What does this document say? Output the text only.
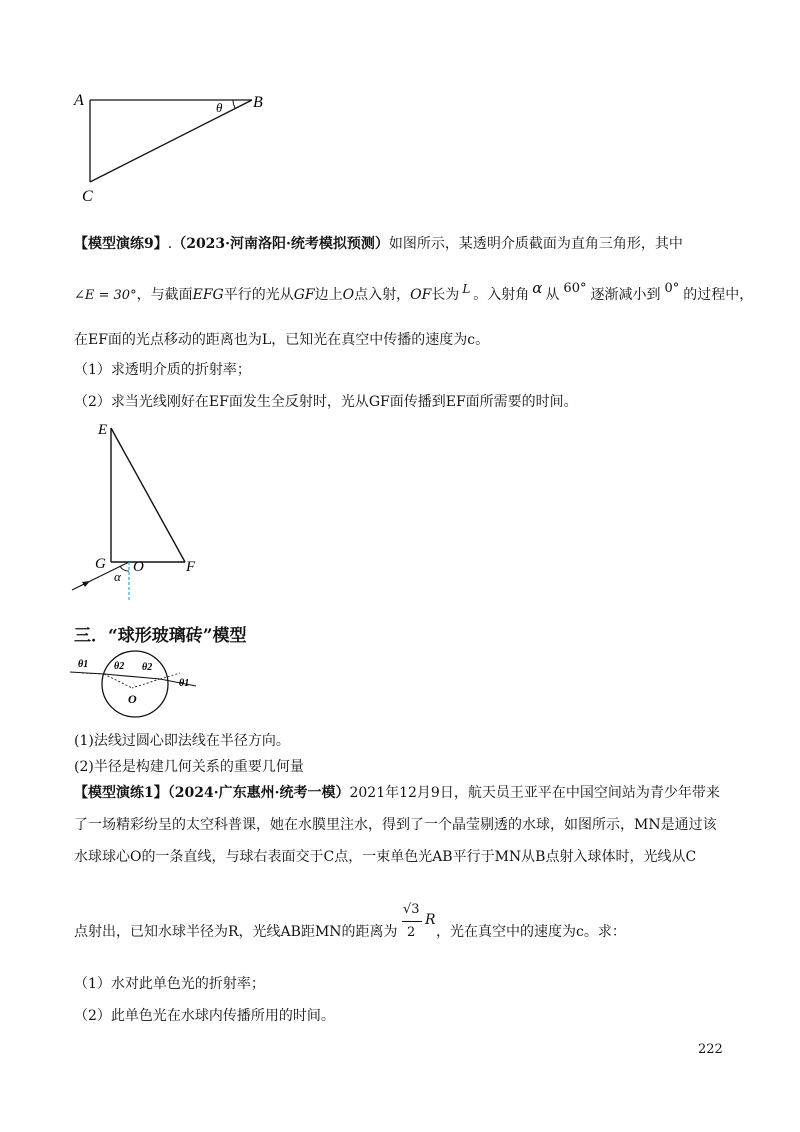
A	B
C
θ
【模型演练9】.（2023·河南洛阳·统考模拟预测）如图所示，某透明介质截面为直角三角形，其中
∠E = 30°，与截面EFG平行的光从GF边上O点入射，OF长为 L 。入射角 α 从 60° 逐渐减小到 0° 的过程中，
在EF面的光点移动的距离也为L，已知光在真空中传播的速度为c。
（1）求透明介质的折射率；
（2）求当光线刚好在EF面发生全反射时，光从GF面传播到EF面所需要的时间。
E
G O	F
α
三．“球形玻璃砖”模型
θ1	θ2 θ2
θ1
O
(1)法线过圆心即法线在半径方向。
(2)半径是构建几何关系的重要几何量
【模型演练1】（2024·广东惠州·统考一模）2021年12月9日，航天员王亚平在中国空间站为青少年带来
了一场精彩纷呈的太空科普课，她在水膜里注水，得到了一个晶莹剔透的水球，如图所示，MN是通过该
水球球心O的一条直线，与球右表面交于C点，一束单色光AB平行于MN从B点射入球体时，光线从C
点射出，已知水球半径为R，光线AB距MN的距离为
√3
2
R
，光在真空中的速度为c。求：
（1）水对此单色光的折射率；
（2）此单色光在水球内传播所用的时间。
222
